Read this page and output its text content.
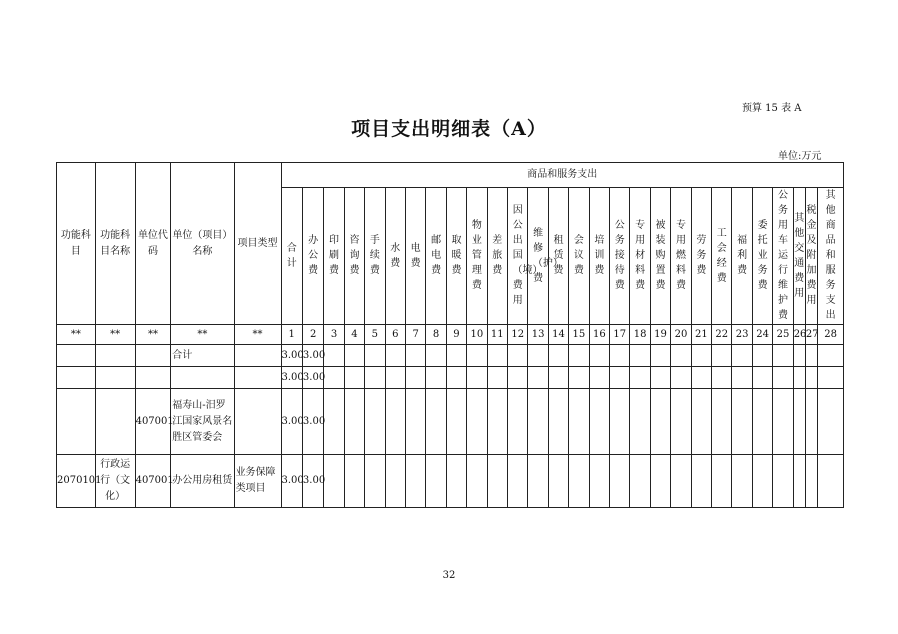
预算 15 表 A
项目支出明细表（A）
单位:万元
功能科目	功能科目名称	单位代码	单位（项目）名称	项目类型	商品和服务支出																											
					合计	办公费	印刷费	咨询费	手续费	水费	电费	邮电费	取暖费	物业管理费	差旅费	因公出国（境）费用	维修（护）费	租赁费	会议费	培训费	公务接待费	专用材料费	被装购置费	专用燃料费	劳务费	工会经费	福利费	委托业务费	公务用车运行维护费	其他交通费用	税金及附加费用	其他商品和服务支出
**	**	**	**	**	1	2	3	4	5	6	7	8	9	10	11	12	13	14	15	16	17	18	19	20	21	22	23	24	25	26	27	28
			合计		3.00	3.00																										
					3.00	3.00																										
		407001	福寿山-汨罗江国家风景名胜区管委会		3.00	3.00																										
2070101	行政运行（文化）	407001	办公用房租赁	业务保障类项目	3.00	3.00																										
32
